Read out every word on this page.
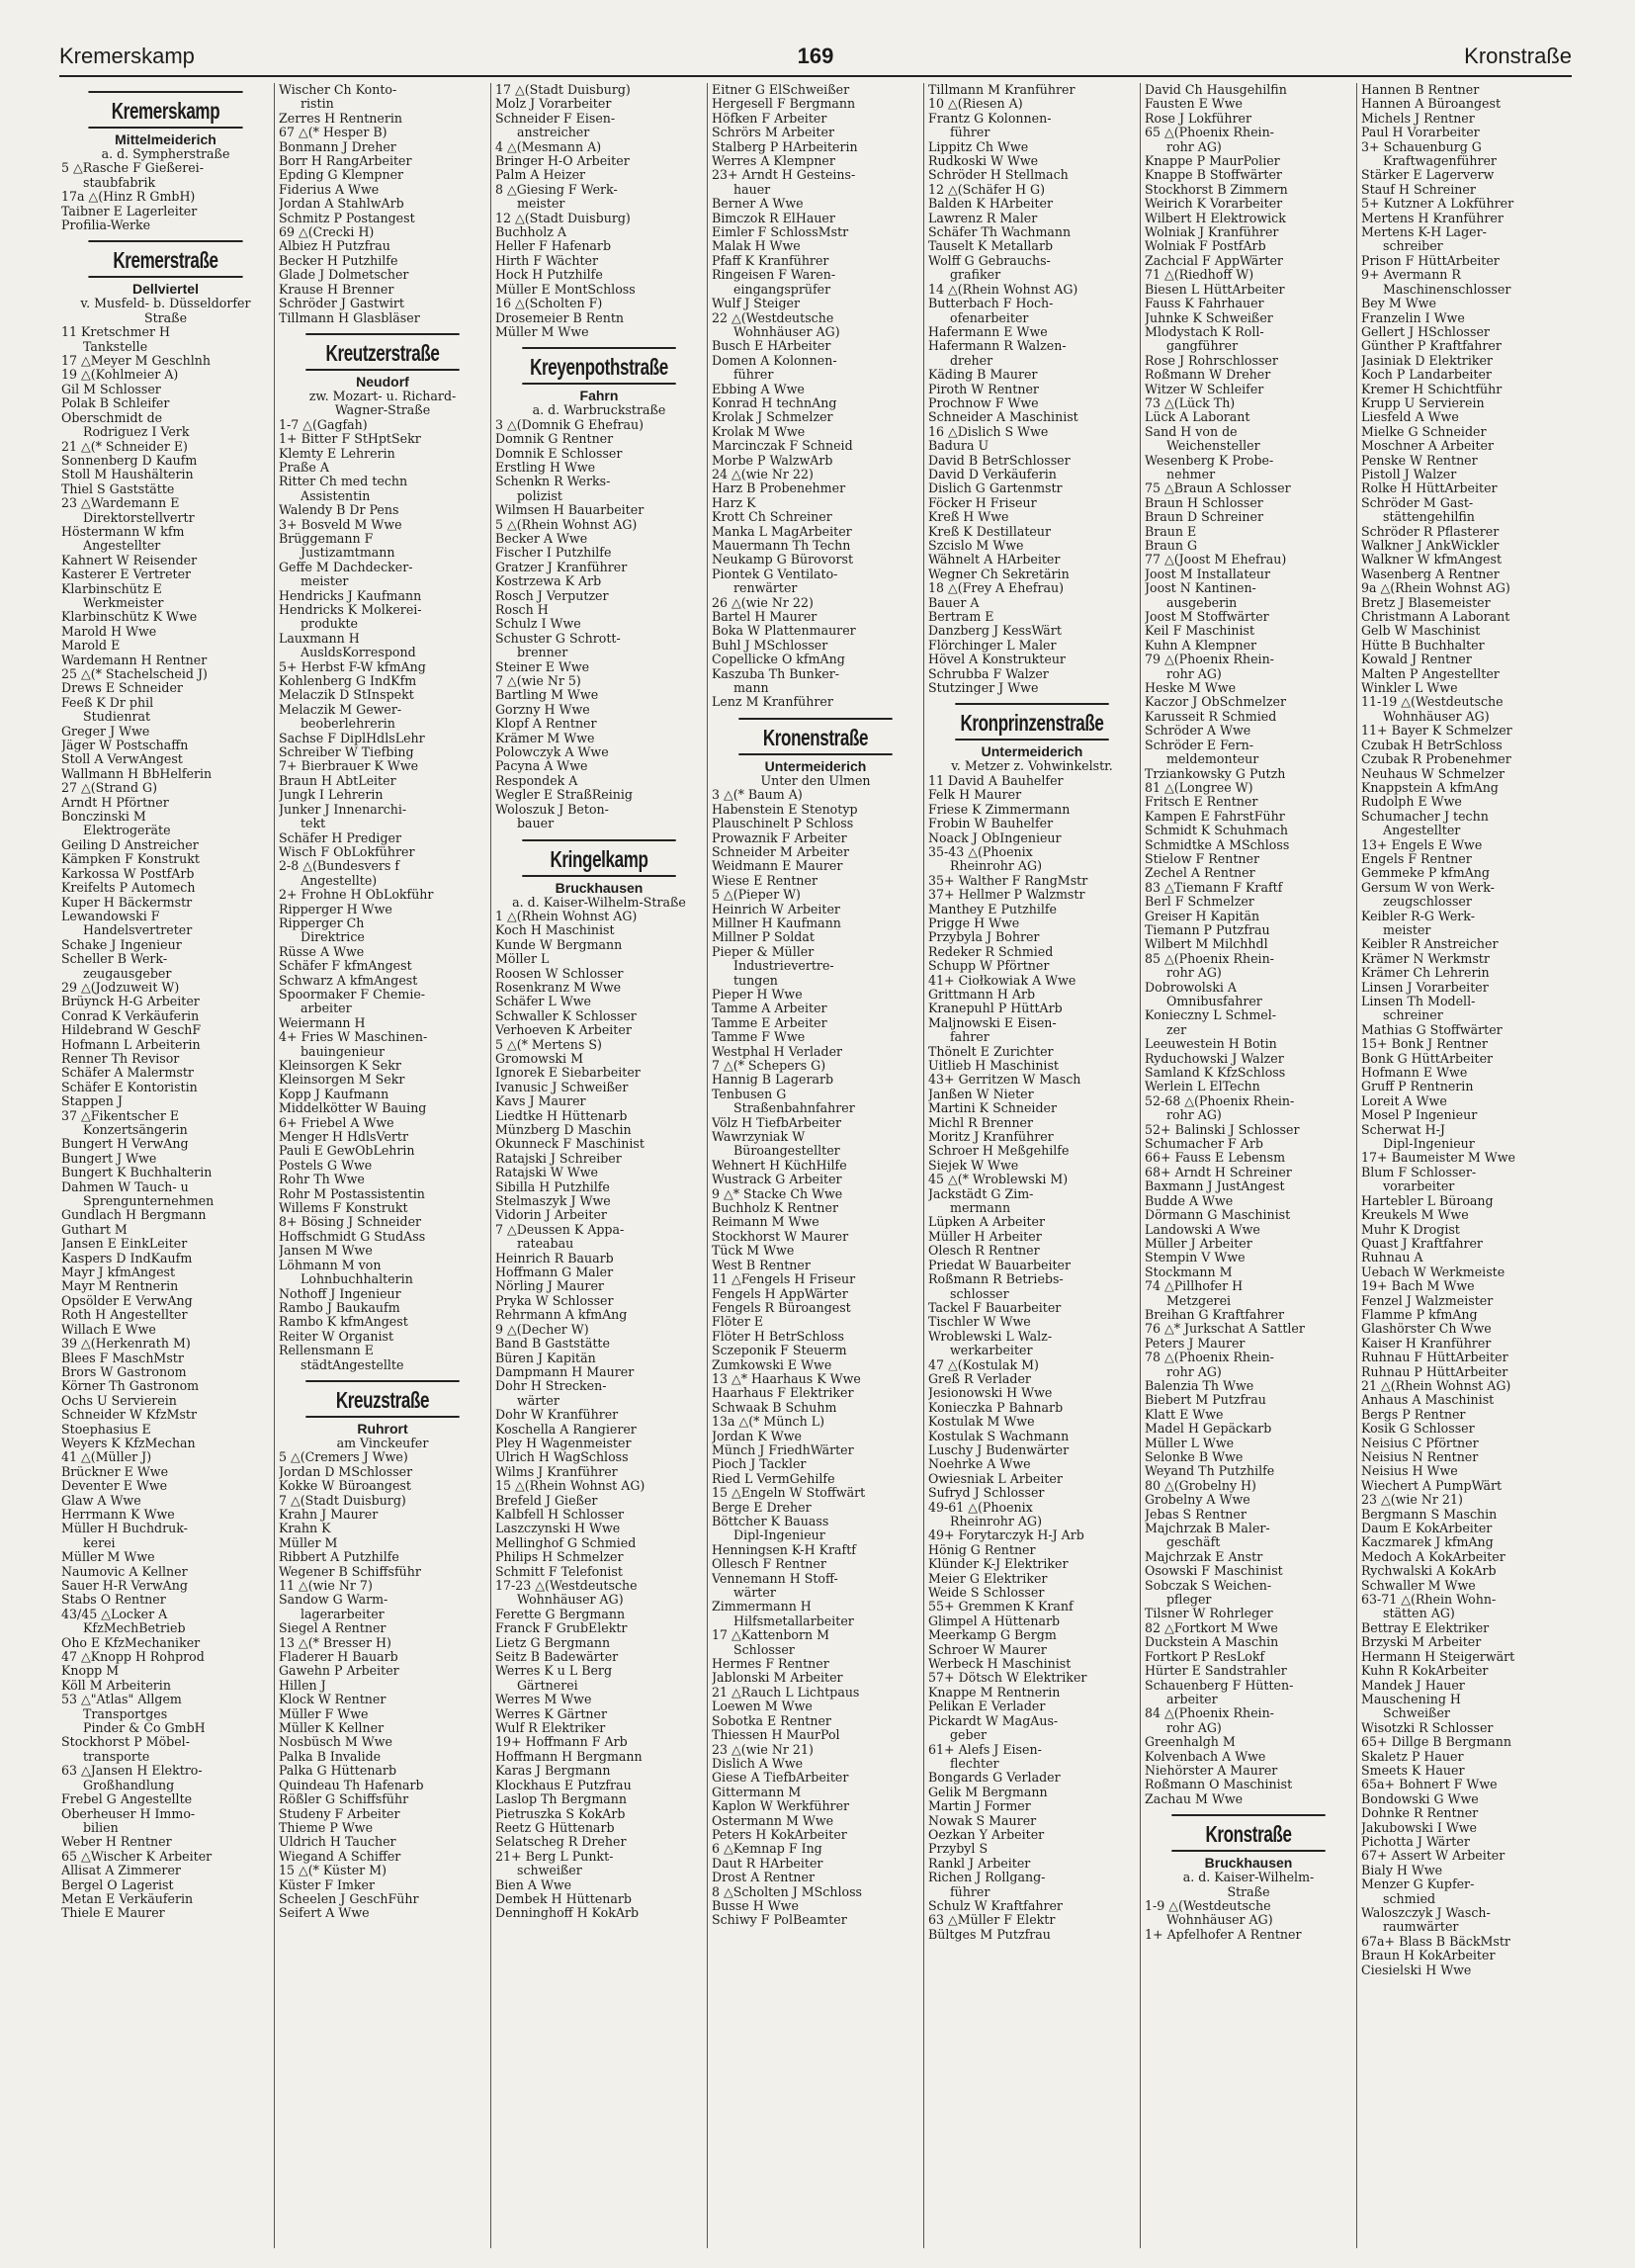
Kremerskamp	169	Kronstraße
Kremerskamp
Mittelmeiderich
a. d. Sympherstraße
5 △Rasche F Gießerei-
staubfabrik
17a △(Hinz R GmbH)
Taibner E Lagerleiter
Profilia-Werke
Kremerstraße
Dellviertel
v. Musfeld- b. Düsseldorfer
Straße
11 Kretschmer H
Tankstelle
17 △Meyer M Geschlnh
19 △(Kohlmeier A)
Gil M Schlosser
Polak B Schleifer
Oberschmidt de
Rodriguez I Verk
21 △(* Schneider E)
Sonnenberg D Kaufm
Stoll M Haushälterin
Thiel S Gaststätte
23 △Wardemann E
Direktorstellvertr
Höstermann W kfm
Angestellter
Kahnert W Reisender
Kasterer E Vertreter
Klarbinschütz E
Werkmeister
Klarbinschütz K Wwe
Marold H Wwe
Marold E
Wardemann H Rentner
25 △(* Stachelscheid J)
Drews E Schneider
Feeß K Dr phil
Studienrat
Greger J Wwe
Jäger W Postschaffn
Stoll A VerwAngest
Wallmann H BbHelferin
27 △(Strand G)
Arndt H Pförtner
Bonczinski M
Elektrogeräte
Geiling D Anstreicher
Kämpken F Konstrukt
Karkossa W PostfArb
Kreifelts P Automech
Kuper H Bäckermstr
Lewandowski F
Handelsvertreter
Schake J Ingenieur
Scheller B Werk-
zeugausgeber
29 △(Jodzuweit W)
Brüynck H-G Arbeiter
Conrad K Verkäuferin
Hildebrand W GeschF
Hofmann L Arbeiterin
Renner Th Revisor
Schäfer A Malermstr
Schäfer E Kontoristin
Stappen J
37 △Fikentscher E
Konzertsängerin
Bungert H VerwAng
Bungert J Wwe
Bungert K Buchhalterin
Dahmen W Tauch- u
Sprengunternehmen
Gundlach H Bergmann
Guthart M
Jansen E EinkLeiter
Kaspers D IndKaufm
Mayr J kfmAngest
Mayr M Rentnerin
Opsölder E VerwAng
Roth H Angestellter
Willach E Wwe
39 △(Herkenrath M)
Blees F MaschMstr
Brors W Gastronom
Körner Th Gastronom
Ochs U Servierein
Schneider W KfzMstr
Stoephasius E
Weyers K KfzMechan
41 △(Müller J)
Brückner E Wwe
Deventer E Wwe
Glaw A Wwe
Herrmann K Wwe
Müller H Buchdruk-
kerei
Müller M Wwe
Naumovic A Kellner
Sauer H-R VerwAng
Stabs O Rentner
43/45 △Locker A
KfzMechBetrieb
Oho E KfzMechaniker
47 △Knopp H Rohprod
Knopp M
Köll M Arbeiterin
53 △"Atlas" Allgem
Transportges
Pinder & Co GmbH
Stockhorst P Möbel-
transporte
63 △Jansen H Elektro-
Großhandlung
Frebel G Angestellte
Oberheuser H Immo-
bilien
Weber H Rentner
65 △Wischer K Arbeiter
Allisat A Zimmerer
Bergel O Lagerist
Metan E Verkäuferin
Thiele E Maurer
Wischer Ch Konto-
ristin
Zerres H Rentnerin
67 △(* Hesper B)
Bonmann J Dreher
Borr H RangArbeiter
Epding G Klempner
Fiderius A Wwe
Jordan A StahlwArb
Schmitz P Postangest
69 △(Crecki H)
Albiez H Putzfrau
Becker H Putzhilfe
Glade J Dolmetscher
Krause H Brenner
Schröder J Gastwirt
Tillmann H Glasbläser
Kreutzerstraße
Neudorf
zw. Mozart- u. Richard-
Wagner-Straße
1-7 △(Gagfah)
1+ Bitter F StHptSekr
Klemty E Lehrerin
Praße A
Ritter Ch med techn
Assistentin
Walendy B Dr Pens
3+ Bosveld M Wwe
Brüggemann F
Justizamtmann
Geffe M Dachdecker-
meister
Hendricks J Kaufmann
Hendricks K Molkerei-
produkte
Lauxmann H
AusldsKorrespond
5+ Herbst F-W kfmAng
Kohlenberg G IndKfm
Melaczik D StInspekt
Melaczik M Gewer-
beoberlehrerin
Sachse F DiplHdlsLehr
Schreiber W Tiefbing
7+ Bierbrauer K Wwe
Braun H AbtLeiter
Jungk I Lehrerin
Junker J Innenarchi-
tekt
Schäfer H Prediger
Wisch F ObLokführer
2-8 △(Bundesvers f
Angestellte)
2+ Frohne H ObLokführ
Ripperger H Wwe
Ripperger Ch
Direktrice
Rüsse A Wwe
Schäfer F kfmAngest
Schwarz A kfmAngest
Spoormaker F Chemie-
arbeiter
Weiermann H
4+ Fries W Maschinen-
bauingenieur
Kleinsorgen K Sekr
Kleinsorgen M Sekr
Kopp J Kaufmann
Middelkötter W Bauing
6+ Friebel A Wwe
Menger H HdlsVertr
Pauli E GewObLehrin
Postels G Wwe
Rohr Th Wwe
Rohr M Postassistentin
Willems F Konstrukt
8+ Bösing J Schneider
Hoffschmidt G StudAss
Jansen M Wwe
Löhmann M von
Lohnbuchhalterin
Nothoff J Ingenieur
Rambo J Baukaufm
Rambo K kfmAngest
Reiter W Organist
Rellensmann E
städtAngestellte
Kreuzstraße
Ruhrort
am Vinckeufer
5 △(Cremers J Wwe)
Jordan D MSchlosser
Kokke W Büroangest
7 △(Stadt Duisburg)
Krahn J Maurer
Krahn K
Müller M
Ribbert A Putzhilfe
Wegener B Schiffsführ
11 △(wie Nr 7)
Sandow G Warm-
lagerarbeiter
Siegel A Rentner
13 △(* Bresser H)
Fladerer H Bauarb
Gawehn P Arbeiter
Hillen J
Klock W Rentner
Müller F Wwe
Müller K Kellner
Nosbüsch M Wwe
Palka B Invalide
Palka G Hüttenarb
Quindeau Th Hafenarb
Rößler G Schiffsführ
Studeny F Arbeiter
Thieme P Wwe
Uldrich H Taucher
Wiegand A Schiffer
15 △(* Küster M)
Küster F Imker
Scheelen J GeschFühr
Seifert A Wwe
17 △(Stadt Duisburg)
Molz J Vorarbeiter
Schneider F Eisen-
anstreicher
4 △(Mesmann A)
Bringer H-O Arbeiter
Palm A Heizer
8 △Giesing F Werk-
meister
12 △(Stadt Duisburg)
Buchholz A
Heller F Hafenarb
Hirth F Wächter
Hock H Putzhilfe
Müller E MontSchloss
16 △(Scholten F)
Drosemeier B Rentn
Müller M Wwe
Kreyenpothstraße
Fahrn
a. d. Warbruckstraße
3 △(Domnik G Ehefrau)
Domnik G Rentner
Domnik E Schlosser
Erstling H Wwe
Schenkn R Werks-
polizist
Wilmsen H Bauarbeiter
5 △(Rhein Wohnst AG)
Becker A Wwe
Fischer I Putzhilfe
Gratzer J Kranführer
Kostrzewa K Arb
Rosch J Verputzer
Rosch H
Schulz I Wwe
Schuster G Schrott-
brenner
Steiner E Wwe
7 △(wie Nr 5)
Bartling M Wwe
Gorzny H Wwe
Klopf A Rentner
Krämer M Wwe
Polowczyk A Wwe
Pacyna A Wwe
Respondek A
Wegler E StraßReinig
Woloszuk J Beton-
bauer
Kringelkamp
Bruckhausen
a. d. Kaiser-Wilhelm-Straße
1 △(Rhein Wohnst AG)
Koch H Maschinist
Kunde W Bergmann
Möller L
Roosen W Schlosser
Rosenkranz M Wwe
Schäfer L Wwe
Schwaller K Schlosser
Verhoeven K Arbeiter
5 △(* Mertens S)
Gromowski M
Ignorek E Siebarbeiter
Ivanusic J Schweißer
Kavs J Maurer
Liedtke H Hüttenarb
Münzberg D Maschin
Okunneck F Maschinist
Ratajski J Schreiber
Ratajski W Wwe
Sibilla H Putzhilfe
Stelmaszyk J Wwe
Vidorin J Arbeiter
7 △Deussen K Appa-
rateabau
Heinrich R Bauarb
Hoffmann G Maler
Nörling J Maurer
Pryka W Schlosser
Rehrmann A kfmAng
9 △(Decher W)
Band B Gaststätte
Büren J Kapitän
Dampmann H Maurer
Dohr H Strecken-
wärter
Dohr W Kranführer
Koschella A Rangierer
Pley H Wagenmeister
Ulrich H WagSchloss
Wilms J Kranführer
15 △(Rhein Wohnst AG)
Brefeld J Gießer
Kalbfell H Schlosser
Laszczynski H Wwe
Mellinghof G Schmied
Philips H Schmelzer
Schmitt F Telefonist
17-23 △(Westdeutsche
Wohnhäuser AG)
Ferette G Bergmann
Franck F GrubElektr
Lietz G Bergmann
Seitz B Badewärter
Werres K u L Berg
Gärtnerei
Werres M Wwe
Werres K Gärtner
Wulf R Elektriker
19+ Hoffmann F Arb
Hoffmann H Bergmann
Karas J Bergmann
Klockhaus E Putzfrau
Laslop Th Bergmann
Pietruszka S KokArb
Reetz G Hüttenarb
Selatscheg R Dreher
21+ Berg L Punkt-
schweißer
Bien A Wwe
Dembek H Hüttenarb
Denninghoff H KokArb
Eitner G ElSchweißer
Hergesell F Bergmann
Höfken F Arbeiter
Schrörs M Arbeiter
Stalberg P HArbeiterin
Werres A Klempner
23+ Arndt H Gesteins-
hauer
Berner A Wwe
Bimczok R ElHauer
Eimler F SchlossMstr
Malak H Wwe
Pfaff K Kranführer
Ringeisen F Waren-
eingangsprüfer
Wulf J Steiger
22 △(Westdeutsche
Wohnhäuser AG)
Busch E HArbeiter
Domen A Kolonnen-
führer
Ebbing A Wwe
Konrad H technAng
Krolak J Schmelzer
Krolak M Wwe
Marcinczak F Schneid
Morbe P WalzwArb
24 △(wie Nr 22)
Harz B Probenehmer
Harz K
Krott Ch Schreiner
Manka L MagArbeiter
Mauermann Th Techn
Neukamp G Bürovorst
Piontek G Ventilato-
renwärter
26 △(wie Nr 22)
Bartel H Maurer
Boka W Plattenmaurer
Buhl J MSchlosser
Copellicke O kfmAng
Kaszuba Th Bunker-
mann
Lenz M Kranführer
Kronenstraße
Untermeiderich
Unter den Ulmen
3 △(* Baum A)
Habenstein E Stenotyp
Plauschinelt P Schloss
Prowaznik F Arbeiter
Schneider M Arbeiter
Weidmann E Maurer
Wiese E Rentner
5 △(Pieper W)
Heinrich W Arbeiter
Millner H Kaufmann
Millner P Soldat
Pieper & Müller
Industrievertre-
tungen
Pieper H Wwe
Tamme A Arbeiter
Tamme E Arbeiter
Tamme F Wwe
Westphal H Verlader
7 △(* Schepers G)
Hannig B Lagerarb
Tenbusen G
Straßenbahnfahrer
Völz H TiefbArbeiter
Wawrzyniak W
Büroangestellter
Wehnert H KüchHilfe
Wustrack G Arbeiter
9 △* Stacke Ch Wwe
Buchholz K Rentner
Reimann M Wwe
Stockhorst W Maurer
Tück M Wwe
West B Rentner
11 △Fengels H Friseur
Fengels H AppWärter
Fengels R Büroangest
Flöter E
Flöter H BetrSchloss
Sczeponik F Steuerm
Zumkowski E Wwe
13 △* Haarhaus K Wwe
Haarhaus F Elektriker
Schwaak B Schuhm
13a △(* Münch L)
Jordan K Wwe
Münch J FriedhWärter
Pioch J Tackler
Ried L VermGehilfe
15 △Engeln W Stoffwärt
Berge E Dreher
Böttcher K Bauass
Dipl-Ingenieur
Henningsen K-H Kraftf
Ollesch F Rentner
Vennemann H Stoff-
wärter
Zimmermann H
Hilfsmetallarbeiter
17 △Kattenborn M
Schlosser
Hermes F Rentner
Jablonski M Arbeiter
21 △Rauch L Lichtpaus
Loewen M Wwe
Sobotka E Rentner
Thiessen H MaurPol
23 △(wie Nr 21)
Dislich A Wwe
Giese A TiefbArbeiter
Gittermann M
Kaplon W Werkführer
Ostermann M Wwe
Peters H KokArbeiter
6 △Kemnap F Ing
Daut R HArbeiter
Drost A Rentner
8 △Scholten J MSchloss
Busse H Wwe
Schiwy F PolBeamter
Tillmann M Kranführer
10 △(Riesen A)
Frantz G Kolonnen-
führer
Lippitz Ch Wwe
Rudkoski W Wwe
Schröder H Stellmach
12 △(Schäfer H G)
Balden K HArbeiter
Lawrenz R Maler
Schäfer Th Wachmann
Tauselt K Metallarb
Wolff G Gebrauchs-
grafiker
14 △(Rhein Wohnst AG)
Butterbach F Hoch-
ofenarbeiter
Hafermann E Wwe
Hafermann R Walzen-
dreher
Käding B Maurer
Piroth W Rentner
Prochnow F Wwe
Schneider A Maschinist
16 △Dislich S Wwe
Badura U
David B BetrSchlosser
David D Verkäuferin
Dislich G Gartenmstr
Föcker H Friseur
Kreß H Wwe
Kreß K Destillateur
Szcislo M Wwe
Wähnelt A HArbeiter
Wegner Ch Sekretärin
18 △(Frey A Ehefrau)
Bauer A
Bertram E
Danzberg J KessWärt
Flörchinger L Maler
Hövel A Konstrukteur
Schrubba F Walzer
Stutzinger J Wwe
Kronprinzenstraße
Untermeiderich
v. Metzer z. Vohwinkelstr.
11 David A Bauhelfer
Felk H Maurer
Friese K Zimmermann
Frobin W Bauhelfer
Noack J ObIngenieur
35-43 △(Phoenix
Rheinrohr AG)
35+ Walther F RangMstr
37+ Hellmer P Walzmstr
Manthey E Putzhilfe
Prigge H Wwe
Przybyla J Bohrer
Redeker R Schmied
Schupp W Pförtner
41+ Ciołkowiak A Wwe
Grittmann H Arb
Kranepuhl P HüttArb
Maljnowski E Eisen-
fahrer
Thönelt E Zurichter
Uitlieb H Maschinist
43+ Gerritzen W Masch
Janßen W Nieter
Martini K Schneider
Michl R Brenner
Moritz J Kranführer
Schroer H Meßgehilfe
Siejek W Wwe
45 △(* Wroblewski M)
Jackstädt G Zim-
mermann
Lüpken A Arbeiter
Müller H Arbeiter
Olesch R Rentner
Priedat W Bauarbeiter
Roßmann R Betriebs-
schlosser
Tackel F Bauarbeiter
Tischler W Wwe
Wroblewski L Walz-
werkarbeiter
47 △(Kostulak M)
Greß R Verlader
Jesionowski H Wwe
Konieczka P Bahnarb
Kostulak M Wwe
Kostulak S Wachmann
Luschy J Budenwärter
Noehrke A Wwe
Owiesniak L Arbeiter
Sufryd J Schlosser
49-61 △(Phoenix
Rheinrohr AG)
49+ Forytarczyk H-J Arb
Hönig G Rentner
Klünder K-J Elektriker
Meier G Elektriker
Weide S Schlosser
55+ Gremmen K Kranf
Glimpel A Hüttenarb
Meerkamp G Bergm
Schroer W Maurer
Werbeck H Maschinist
57+ Dötsch W Elektriker
Knappe M Rentnerin
Pelikan E Verlader
Pickardt W MagAus-
geber
61+ Alefs J Eisen-
flechter
Bongards G Verlader
Gelik M Bergmann
Martin J Former
Nowak S Maurer
Oezkan Y Arbeiter
Przybyl S
Rankl J Arbeiter
Richen J Rollgang-
führer
Schulz W Kraftfahrer
63 △Müller F Elektr
Bültges M Putzfrau
David Ch Hausgehilfin
Fausten E Wwe
Rose J Lokführer
65 △(Phoenix Rhein-
rohr AG)
Knappe P MaurPolier
Knappe B Stoffwärter
Stockhorst B Zimmern
Weirich K Vorarbeiter
Wilbert H Elektrowick
Wolniak J Kranführer
Wolniak F PostfArb
Zachcial F AppWärter
71 △(Riedhoff W)
Biesen L HüttArbeiter
Fauss K Fahrhauer
Juhnke K Schweißer
Mlodystach K Roll-
gangführer
Rose J Rohrschlosser
Roßmann W Dreher
Witzer W Schleifer
73 △(Lück Th)
Lück A Laborant
Sand H von de
Weichensteller
Wesenberg K Probe-
nehmer
75 △Braun A Schlosser
Braun H Schlosser
Braun D Schreiner
Braun E
Braun G
77 △(Joost M Ehefrau)
Joost M Installateur
Joost N Kantinen-
ausgeberin
Joost M Stoffwärter
Keil F Maschinist
Kuhn A Klempner
79 △(Phoenix Rhein-
rohr AG)
Heske M Wwe
Kaczor J ObSchmelzer
Karusseit R Schmied
Schröder A Wwe
Schröder E Fern-
meldemonteur
Trziankowsky G Putzh
81 △(Longree W)
Fritsch E Rentner
Kampen E FahrstFühr
Schmidt K Schuhmach
Schmidtke A MSchloss
Stielow F Rentner
Zechel A Rentner
83 △Tiemann F Kraftf
Berl F Schmelzer
Greiser H Kapitän
Tiemann P Putzfrau
Wilbert M Milchhdl
85 △(Phoenix Rhein-
rohr AG)
Dobrowolski A
Omnibusfahrer
Konieczny L Schmel-
zer
Leeuwestein H Botin
Ryduchowski J Walzer
Samland K KfzSchloss
Werlein L ElTechn
52-68 △(Phoenix Rhein-
rohr AG)
52+ Balinski J Schlosser
Schumacher F Arb
66+ Fauss E Lebensm
68+ Arndt H Schreiner
Baxmann J JustAngest
Budde A Wwe
Dörmann G Maschinist
Landowski A Wwe
Müller J Arbeiter
Stempin V Wwe
Stockmann M
74 △Pillhofer H
Metzgerei
Breihan G Kraftfahrer
76 △* Jurkschat A Sattler
Peters J Maurer
78 △(Phoenix Rhein-
rohr AG)
Balenzia Th Wwe
Biebert M Putzfrau
Klatt E Wwe
Madel H Gepäckarb
Müller L Wwe
Selonke B Wwe
Weyand Th Putzhilfe
80 △(Grobelny H)
Grobelny A Wwe
Jebas S Rentner
Majchrzak B Maler-
geschäft
Majchrzak E Anstr
Osowski F Maschinist
Sobczak S Weichen-
pfleger
Tilsner W Rohrleger
82 △Fortkort M Wwe
Duckstein A Maschin
Fortkort P ResLokf
Hürter E Sandstrahler
Schauenberg F Hütten-
arbeiter
84 △(Phoenix Rhein-
rohr AG)
Greenhalgh M
Kolvenbach A Wwe
Niehörster A Maurer
Roßmann O Maschinist
Zachau M Wwe
Kronstraße
Bruckhausen
a. d. Kaiser-Wilhelm-
Straße
1-9 △(Westdeutsche
Wohnhäuser AG)
1+ Apfelhofer A Rentner
Hannen B Rentner
Hannen A Büroangest
Michels J Rentner
Paul H Vorarbeiter
3+ Schauenburg G
Kraftwagenführer
Stärker E Lagerverw
Stauf H Schreiner
5+ Kutzner A Lokführer
Mertens H Kranführer
Mertens K-H Lager-
schreiber
Prison F HüttArbeiter
9+ Avermann R
Maschinenschlosser
Bey M Wwe
Franzelin I Wwe
Gellert J HSchlosser
Günther P Kraftfahrer
Jasiniak D Elektriker
Koch P Landarbeiter
Kremer H Schichtführ
Krupp U Servierein
Liesfeld A Wwe
Mielke G Schneider
Moschner A Arbeiter
Penske W Rentner
Pistoll J Walzer
Rolke H HüttArbeiter
Schröder M Gast-
stättengehilfin
Schröder R Pflasterer
Walkner J AnkWickler
Walkner W kfmAngest
Wasenberg A Rentner
9a △(Rhein Wohnst AG)
Bretz J Blasemeister
Christmann A Laborant
Gelb W Maschinist
Hütte B Buchhalter
Kowald J Rentner
Malten P Angestellter
Winkler L Wwe
11-19 △(Westdeutsche
Wohnhäuser AG)
11+ Bayer K Schmelzer
Czubak H BetrSchloss
Czubak R Probenehmer
Neuhaus W Schmelzer
Knappstein A kfmAng
Rudolph E Wwe
Schumacher J techn
Angestellter
13+ Engels E Wwe
Engels F Rentner
Gemmeke P kfmAng
Gersum W von Werk-
zeugschlosser
Keibler R-G Werk-
meister
Keibler R Anstreicher
Krämer N Werkmstr
Krämer Ch Lehrerin
Linsen J Vorarbeiter
Linsen Th Modell-
schreiner
Mathias G Stoffwärter
15+ Bonk J Rentner
Bonk G HüttArbeiter
Hofmann E Wwe
Gruff P Rentnerin
Loreit A Wwe
Mosel P Ingenieur
Scherwat H-J
Dipl-Ingenieur
17+ Baumeister M Wwe
Blum F Schlosser-
vorarbeiter
Hartebler L Büroang
Kreukels M Wwe
Muhr K Drogist
Quast J Kraftfahrer
Ruhnau A
Uebach W Werkmeiste
19+ Bach M Wwe
Fenzel J Walzmeister
Flamme P kfmAng
Glashörster Ch Wwe
Kaiser H Kranführer
Ruhnau F HüttArbeiter
Ruhnau P HüttArbeiter
21 △(Rhein Wohnst AG)
Anhaus A Maschinist
Bergs P Rentner
Kosik G Schlosser
Neisius C Pförtner
Neisius N Rentner
Neisius H Wwe
Wiechert A PumpWärt
23 △(wie Nr 21)
Bergmann S Maschin
Daum E KokArbeiter
Kaczmarek J kfmAng
Medoch A KokArbeiter
Rychwalski A KokArb
Schwaller M Wwe
63-71 △(Rhein Wohn-
stätten AG)
Bettray E Elektriker
Brzyski M Arbeiter
Hermann H Steigerwärt
Kuhn R KokArbeiter
Mandek J Hauer
Mauschening H
Schweißer
Wisotzki R Schlosser
65+ Dillge B Bergmann
Skaletz P Hauer
Smeets K Hauer
65a+ Bohnert F Wwe
Bondowski G Wwe
Dohnke R Rentner
Jakubowski I Wwe
Pichotta J Wärter
67+ Assert W Arbeiter
Bialy H Wwe
Menzer G Kupfer-
schmied
Waloszczyk J Wasch-
raumwärter
67a+ Blass B BäckMstr
Braun H KokArbeiter
Ciesielski H Wwe
